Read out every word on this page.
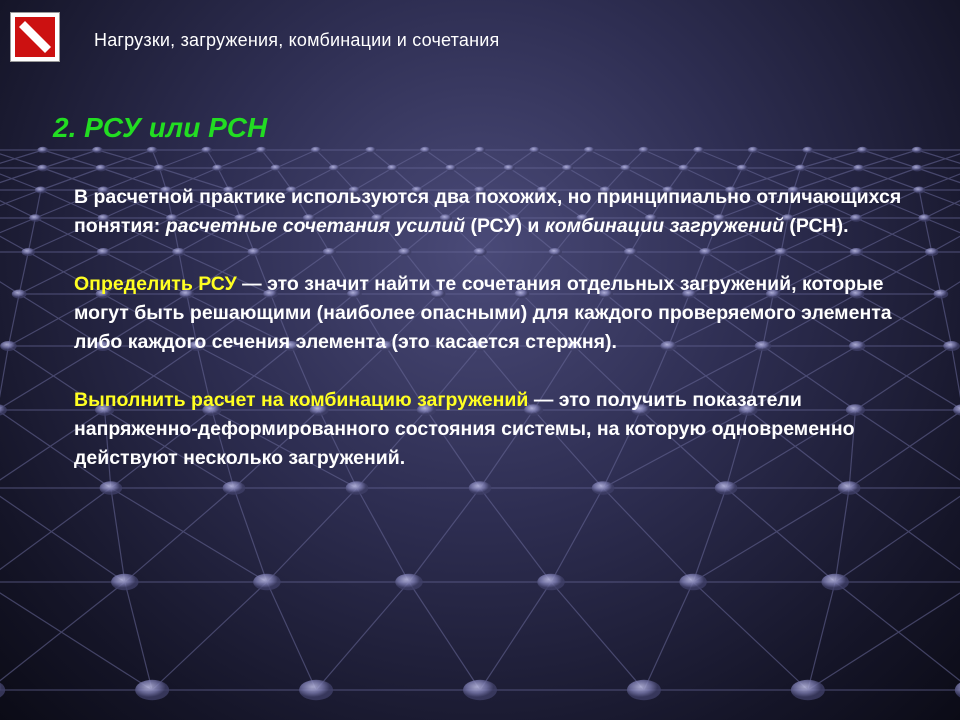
Нагрузки, загружения, комбинации и сочетания
2. РСУ или РСН

В расчетной практике используются два похожих, но принципиально отличающихся понятия: расчетные сочетания усилий (РСУ) и комбинации загружений (РСН).

Определить РСУ — это значит найти те сочетания отдельных загружений, которые могут быть решающими (наиболее опасными) для каждого проверяемого элемента либо каждого сечения элемента (это касается стержня).

Выполнить расчет на комбинацию загружений — это получить показатели напряженно-деформированного состояния системы, на которую одновременно действуют несколько загружений.
